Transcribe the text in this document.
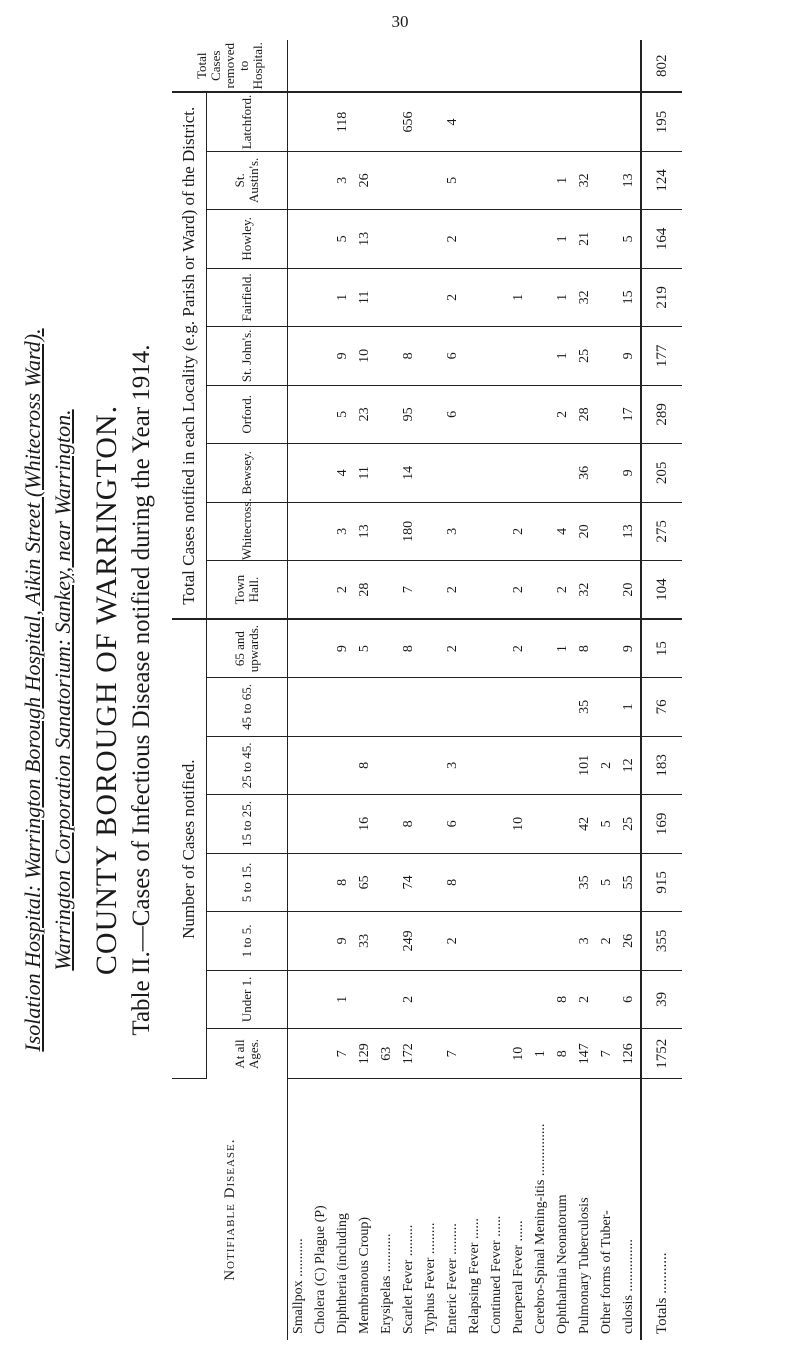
30
Isolation Hospital: Warrington Borough Hospital, Aikin Street (Whitecross Ward). Warrington Corporation Sanatorium: Sankey, near Warrington. COUNTY BOROUGH OF WARRINGTON. Table II.—Cases of Infectious Disease notified during the Year 1914.
Notifiable Disease.	Number of Cases notified.								Total Cases notified in each Locality (e.g. Parish or Ward) of the District.									Total Cases removed to Hospital.
	At all Ages.	Under 1.	1 to 5.	5 to 15.	15 to 25.	25 to 45.	45 to 65.	65 and upwards.	Town Hall.	Whitecross.	Bewsey.	Orford.	St. John's.	Fairfield.	Howley.	St. Austin's.	Latchford.	
Smallpox ...........																		
Cholera (C) Plague (P)																		
Diphtheria (including	7	1	9	8				9	2	3	4	5	9	1	5	3	118	
Membranous Croup)	129		33	65	16	8		5	28	13	11	23	10	11	13	26		
Erysipelas ...........	63																	
Scarlet Fever .........	172	2	249	74	8			8	7	180	14	95	8				656	
Typhus Fever .........																		
Enteric Fever .........	7		2	8	6	3		2	2	3		6	6	2	2	5	4	
Relapsing Fever ......																		
Continued Fever ......																		
Puerperal Fever ......	10				10			2	2	2				1				
Cerebro-Spinal Mening-itis ...............	1																	
Ophthalmia Neonatorum	8	8						1	2	4		2	1	1	1	1		
Pulmonary Tuberculosis	147	2	3	35	42	101	35	8	32	20	36	28	25	32	21	32		
Other forms of Tuber-	7		2	5	5	2												
culosis ...............	126	6	26	55	25	12	1	9	20	13	9	17	9	15	5	13		
Totals ...........	1752	39	355	915	169	183	76	15	104	275	205	289	177	219	164	124	195	802
